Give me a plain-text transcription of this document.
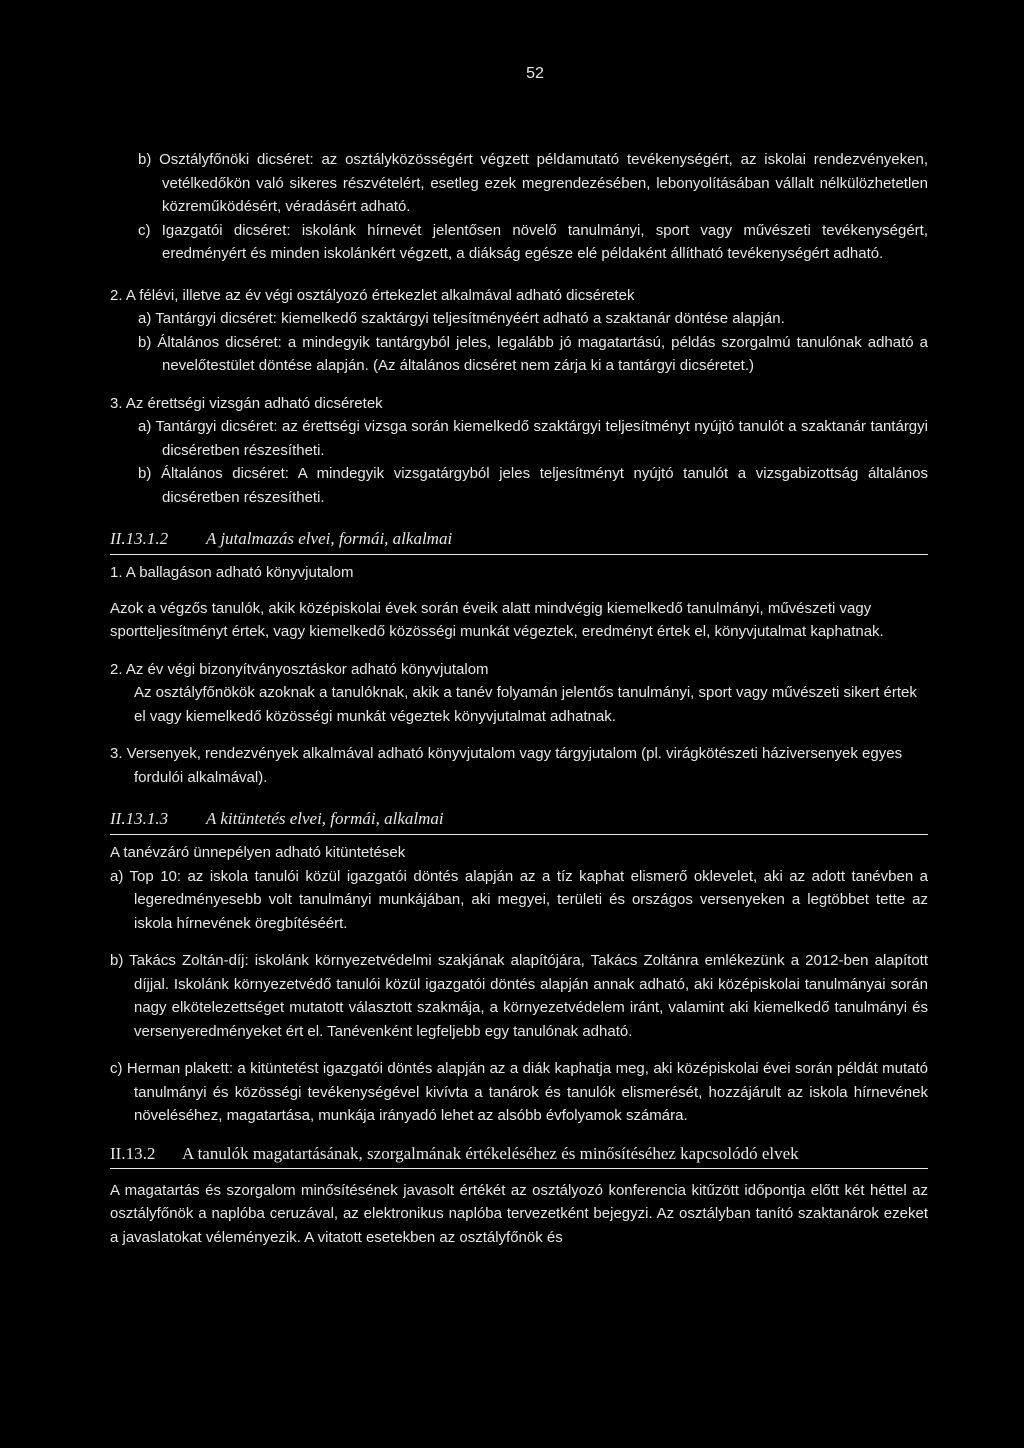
52

b) Osztályfőnöki dicséret: az osztályközösségért végzett példamutató tevékenységért, az iskolai rendezvényeken, vetélkedőkön való sikeres részvételért, esetleg ezek megrendezésében, lebonyolításában vállalt nélkülözhetetlen közreműködésért, véradásért adható.

c) Igazgatói dicséret: iskolánk hírnevét jelentősen növelő tanulmányi, sport vagy művészeti tevékenységért, eredményért és minden iskolánkért végzett, a diákság egésze elé példaként állítható tevékenységért adható.

2. A félévi, illetve az év végi osztályozó értekezlet alkalmával adható dicséretek

a) Tantárgyi dicséret: kiemelkedő szaktárgyi teljesítményéért adható a szaktanár döntése alapján.

b) Általános dicséret: a mindegyik tantárgyból jeles, legalább jó magatartású, példás szorgalmú tanulónak adható a nevelőtestület döntése alapján. (Az általános dicséret nem zárja ki a tantárgyi dicséretet.)

3. Az érettségi vizsgán adható dicséretek

a) Tantárgyi dicséret: az érettségi vizsga során kiemelkedő szaktárgyi teljesítményt nyújtó tanulót a szaktanár tantárgyi dicséretben részesítheti.

b) Általános dicséret: A mindegyik vizsgatárgyból jeles teljesítményt nyújtó tanulót a vizsgabizottság általános dicséretben részesítheti.

II.13.1.2	A jutalmazás elvei, formái, alkalmai

1. A ballagáson adható könyvjutalom

Azok a végzős tanulók, akik középiskolai évek során éveik alatt mindvégig kiemelkedő tanulmányi, művészeti vagy sportteljesítményt értek, vagy kiemelkedő közösségi munkát végeztek, eredményt értek el, könyvjutalmat kaphatnak.

2. Az év végi bizonyítványosztáskor adható könyvjutalom

Az osztályfőnökök azoknak a tanulóknak, akik a tanév folyamán jelentős tanulmányi, sport vagy művészeti sikert értek el vagy kiemelkedő közösségi munkát végeztek könyvjutalmat adhatnak.

3. Versenyek, rendezvények alkalmával adható könyvjutalom vagy tárgyjutalom (pl. virágkötészeti háziversenyek egyes fordulói alkalmával).

II.13.1.3	A kitüntetés elvei, formái, alkalmai

A tanévzáró ünnepélyen adható kitüntetések

a) Top 10: az iskola tanulói közül igazgatói döntés alapján az a tíz kaphat elismerő oklevelet, aki az adott tanévben a legeredményesebb volt tanulmányi munkájában, aki megyei, területi és országos versenyeken a legtöbbet tette az iskola hírnevének öregbítéséért.

b) Takács Zoltán-díj: iskolánk környezetvédelmi szakjának alapítójára, Takács Zoltánra emlékezünk a 2012-ben alapított díjjal. Iskolánk környezetvédő tanulói közül igazgatói döntés alapján annak adható, aki középiskolai tanulmányai során nagy elkötelezettséget mutatott választott szakmája, a környezetvédelem iránt, valamint aki kiemelkedő tanulmányi és versenyeredményeket ért el. Tanévenként legfeljebb egy tanulónak adható.

c) Herman plakett: a kitüntetést igazgatói döntés alapján az a diák kaphatja meg, aki középiskolai évei során példát mutató tanulmányi és közösségi tevékenységével kivívta a tanárok és tanulók elismerését, hozzájárult az iskola hírnevének növeléséhez, magatartása, munkája irányadó lehet az alsóbb évfolyamok számára.

II.13.2	A tanulók magatartásának, szorgalmának értékeléséhez és minősítéséhez kapcsolódó elvek

A magatartás és szorgalom minősítésének javasolt értékét az osztályozó konferencia kitűzött időpontja előtt két héttel az osztályfőnök a naplóba ceruzával, az elektronikus naplóba tervezetként bejegyzi. Az osztályban tanító szaktanárok ezeket a javaslatokat véleményezik. A vitatott esetekben az osztályfőnök és
